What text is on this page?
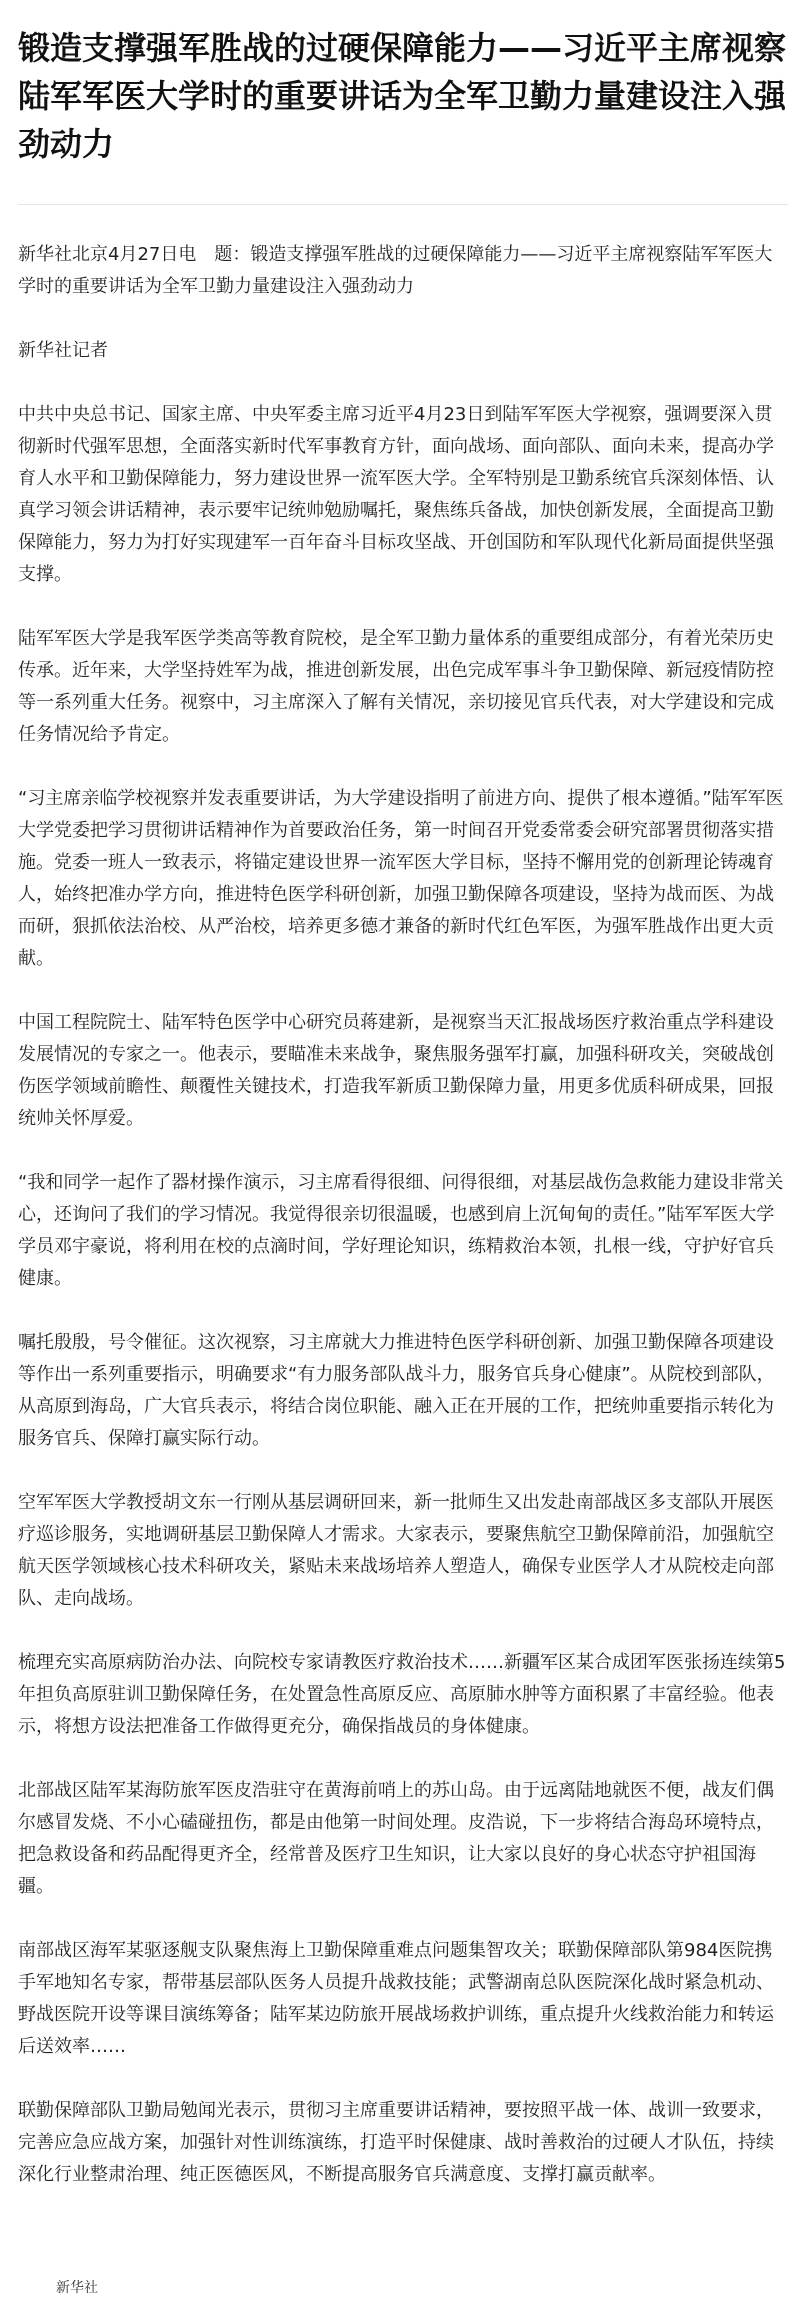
锻造支撑强军胜战的过硬保障能力——习近平主席视察陆军军医大学时的重要讲话为全军卫勤力量建设注入强劲动力

新华社北京4月27日电　题：锻造支撑强军胜战的过硬保障能力——习近平主席视察陆军军医大学时的重要讲话为全军卫勤力量建设注入强劲动力

新华社记者

中共中央总书记、国家主席、中央军委主席习近平4月23日到陆军军医大学视察，强调要深入贯彻新时代强军思想，全面落实新时代军事教育方针，面向战场、面向部队、面向未来，提高办学育人水平和卫勤保障能力，努力建设世界一流军医大学。全军特别是卫勤系统官兵深刻体悟、认真学习领会讲话精神，表示要牢记统帅勉励嘱托，聚焦练兵备战，加快创新发展，全面提高卫勤保障能力，努力为打好实现建军一百年奋斗目标攻坚战、开创国防和军队现代化新局面提供坚强支撑。

陆军军医大学是我军医学类高等教育院校，是全军卫勤力量体系的重要组成部分，有着光荣历史传承。近年来，大学坚持姓军为战，推进创新发展，出色完成军事斗争卫勤保障、新冠疫情防控等一系列重大任务。视察中，习主席深入了解有关情况，亲切接见官兵代表，对大学建设和完成任务情况给予肯定。

“习主席亲临学校视察并发表重要讲话，为大学建设指明了前进方向、提供了根本遵循。”陆军军医大学党委把学习贯彻讲话精神作为首要政治任务，第一时间召开党委常委会研究部署贯彻落实措施。党委一班人一致表示，将锚定建设世界一流军医大学目标，坚持不懈用党的创新理论铸魂育人，始终把准办学方向，推进特色医学科研创新，加强卫勤保障各项建设，坚持为战而医、为战而研，狠抓依法治校、从严治校，培养更多德才兼备的新时代红色军医，为强军胜战作出更大贡献。

中国工程院院士、陆军特色医学中心研究员蒋建新，是视察当天汇报战场医疗救治重点学科建设发展情况的专家之一。他表示，要瞄准未来战争，聚焦服务强军打赢，加强科研攻关，突破战创伤医学领域前瞻性、颠覆性关键技术，打造我军新质卫勤保障力量，用更多优质科研成果，回报统帅关怀厚爱。

“我和同学一起作了器材操作演示，习主席看得很细、问得很细，对基层战伤急救能力建设非常关心，还询问了我们的学习情况。我觉得很亲切很温暖，也感到肩上沉甸甸的责任。”陆军军医大学学员邓宇豪说，将利用在校的点滴时间，学好理论知识，练精救治本领，扎根一线，守护好官兵健康。

嘱托殷殷，号令催征。这次视察，习主席就大力推进特色医学科研创新、加强卫勤保障各项建设等作出一系列重要指示，明确要求“有力服务部队战斗力，服务官兵身心健康”。从院校到部队，从高原到海岛，广大官兵表示，将结合岗位职能、融入正在开展的工作，把统帅重要指示转化为服务官兵、保障打赢实际行动。

空军军医大学教授胡文东一行刚从基层调研回来，新一批师生又出发赴南部战区多支部队开展医疗巡诊服务，实地调研基层卫勤保障人才需求。大家表示，要聚焦航空卫勤保障前沿，加强航空航天医学领域核心技术科研攻关，紧贴未来战场培养人塑造人，确保专业医学人才从院校走向部队、走向战场。

梳理充实高原病防治办法、向院校专家请教医疗救治技术……新疆军区某合成团军医张扬连续第5年担负高原驻训卫勤保障任务，在处置急性高原反应、高原肺水肿等方面积累了丰富经验。他表示，将想方设法把准备工作做得更充分，确保指战员的身体健康。

北部战区陆军某海防旅军医皮浩驻守在黄海前哨上的苏山岛。由于远离陆地就医不便，战友们偶尔感冒发烧、不小心磕碰扭伤，都是由他第一时间处理。皮浩说，下一步将结合海岛环境特点，把急救设备和药品配得更齐全，经常普及医疗卫生知识，让大家以良好的身心状态守护祖国海疆。

南部战区海军某驱逐舰支队聚焦海上卫勤保障重难点问题集智攻关；联勤保障部队第984医院携手军地知名专家，帮带基层部队医务人员提升战救技能；武警湖南总队医院深化战时紧急机动、野战医院开设等课目演练筹备；陆军某边防旅开展战场救护训练，重点提升火线救治能力和转运后送效率……

联勤保障部队卫勤局勉闻光表示，贯彻习主席重要讲话精神，要按照平战一体、战训一致要求，完善应急应战方案，加强针对性训练演练，打造平时保健康、战时善救治的过硬人才队伍，持续深化行业整肃治理、纯正医德医风，不断提高服务官兵满意度、支撑打赢贡献率。

新华社
